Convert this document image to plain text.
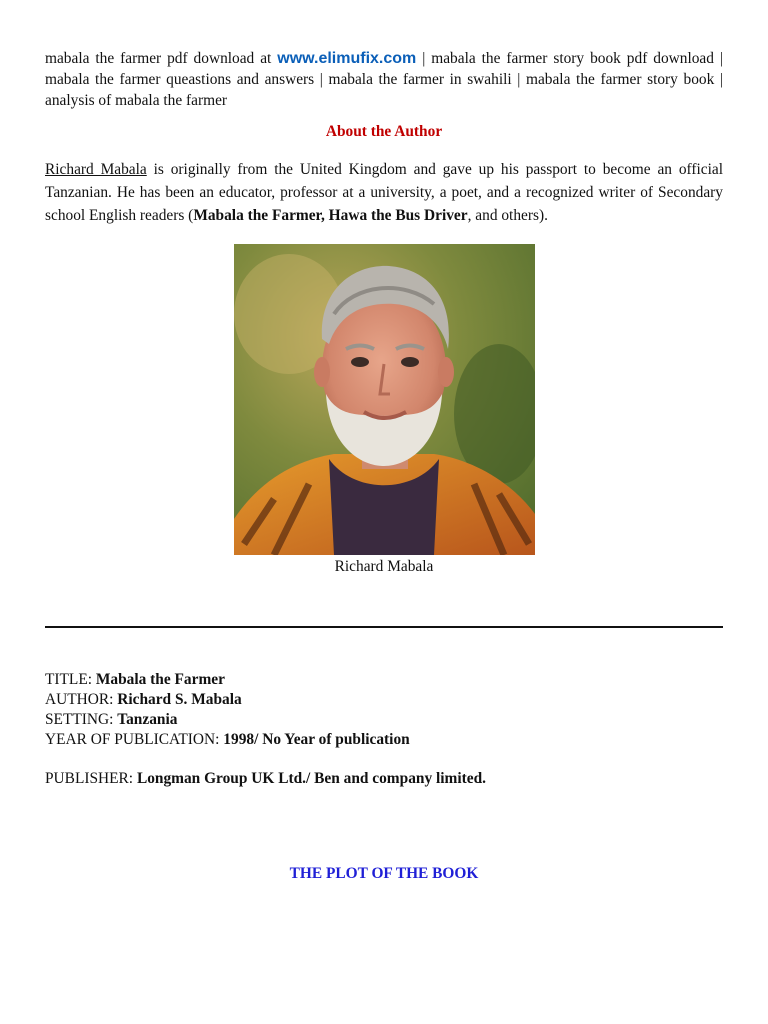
mabala the farmer pdf download at www.elimufix.com | mabala the farmer story book pdf download | mabala the farmer queastions and answers | mabala the farmer in swahili | mabala the farmer story book | analysis of mabala the farmer

About the Author

Richard Mabala is originally from the United Kingdom and gave up his passport to become an official Tanzanian. He has been an educator, professor at a university, a poet, and a recognized writer of Secondary school English readers (Mabala the Farmer, Hawa the Bus Driver, and others).

Richard Mabala

TITLE: Mabala the Farmer

AUTHOR: Richard S. Mabala

SETTING: Tanzania

YEAR OF PUBLICATION: 1998/ No Year of publication

PUBLISHER: Longman Group UK Ltd./ Ben and company limited.

THE PLOT OF THE BOOK
